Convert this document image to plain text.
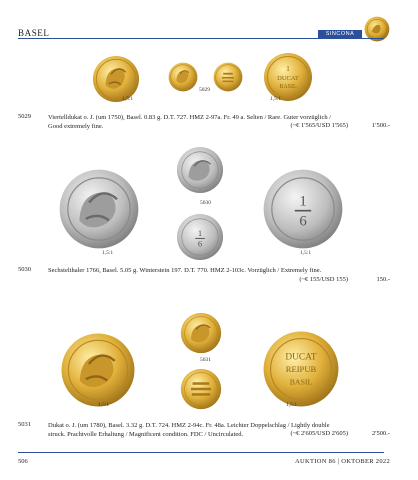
BASEL	SINCONA
1
DUCAT
BASIL
1,5:1
5029
1,5:1
5029	Viertelldukat o. J. (um 1750), Basel. 0.83 g. D.T. 727. HMZ 2-97a. Fr. 49 a. Selten / Rare. Guter vorzüglich /
Good extremely fine.	(~€ 1'565/USD 1'565)	1'500.-
1
6
1
6
5030
1,5:1	1,5:1
5030	Sechstelthaler 1766, Basel. 5.05 g. Winterstein 197. D.T. 770. HMZ 2-103c. Vorzüglich / Extremely fine.
(~€ 155/USD 155)	150.-
DUCAT
REIPUB
BASIL
5031
1,5:1	1,5:1
5031	Dukat o. J. (um 1780), Basel. 3.32 g. D.T. 724. HMZ 2-94c. Fr. 48a. Leichter Doppelschlag / Lightly double
struck. Prachtvolle Erhaltung / Magnificent condition. FDC / Uncirculated.	(~€ 2'605/USD 2'605)	2'500.-
506	AUKTION 86 | OKTOBER 2022
